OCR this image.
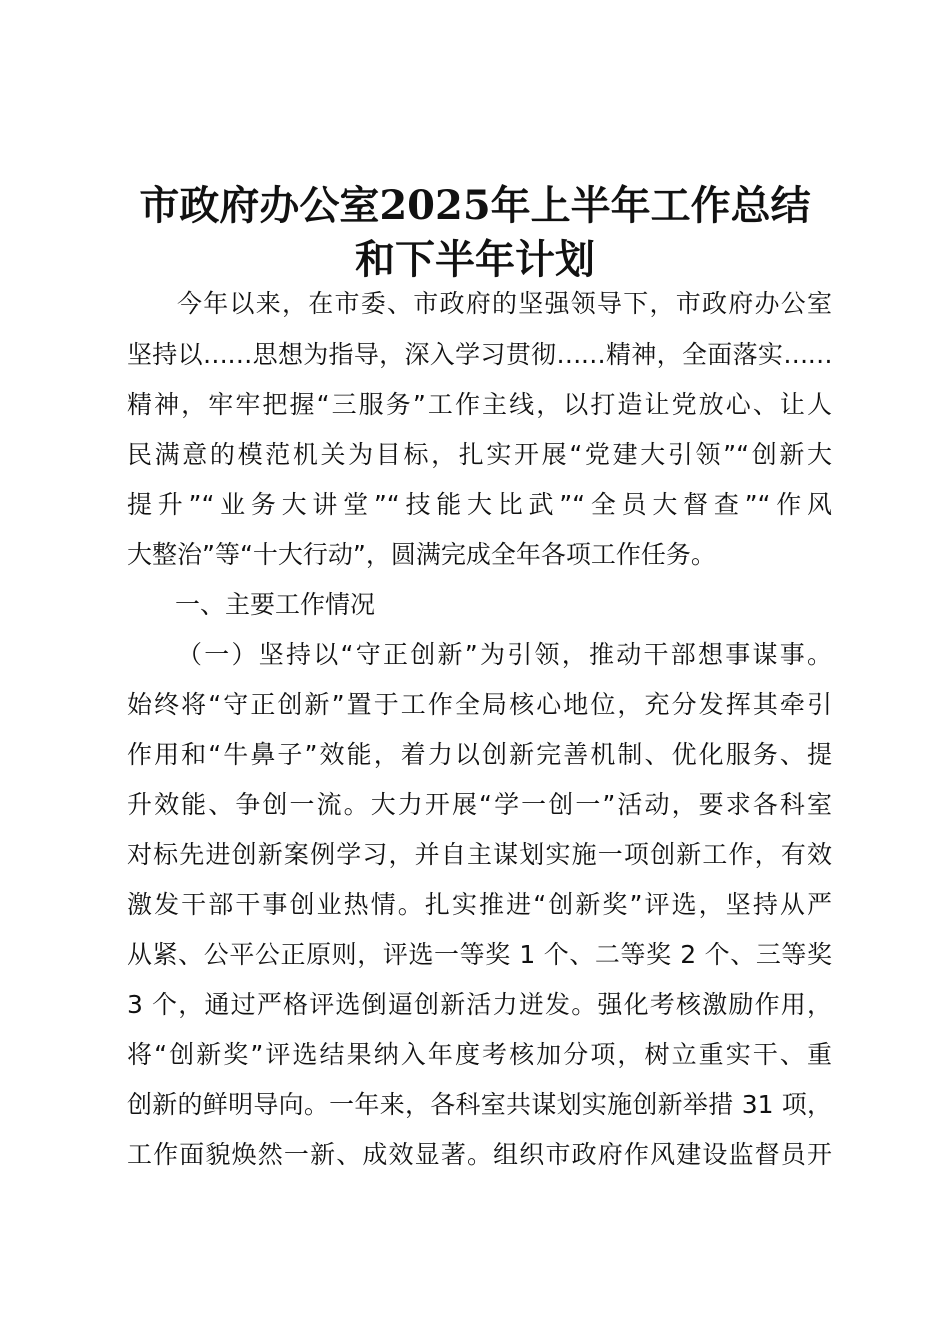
市政府办公室2025年上半年工作总结
和下半年计划
今年以来，在市委、市政府的坚强领导下，市政府办公室
坚持以……思想为指导，深入学习贯彻……精神，全面落实……
精神，牢牢把握“三服务”工作主线，以打造让党放心、让人
民满意的模范机关为目标，扎实开展“党建大引领”“创新大
提升”“业务大讲堂”“技能大比武”“全员大督查”“作风
大整治”等“十大行动”，圆满完成全年各项工作任务。
一、主要工作情况
（一）坚持以“守正创新”为引领，推动干部想事谋事。
始终将“守正创新”置于工作全局核心地位，充分发挥其牵引
作用和“牛鼻子”效能，着力以创新完善机制、优化服务、提
升效能、争创一流。大力开展“学一创一”活动，要求各科室
对标先进创新案例学习，并自主谋划实施一项创新工作，有效
激发干部干事创业热情。扎实推进“创新奖”评选，坚持从严
从紧、公平公正原则，评选一等奖 1 个、二等奖 2 个、三等奖
3 个，通过严格评选倒逼创新活力迸发。强化考核激励作用，
将“创新奖”评选结果纳入年度考核加分项，树立重实干、重
创新的鲜明导向。一年来，各科室共谋划实施创新举措 31 项，
工作面貌焕然一新、成效显著。组织市政府作风建设监督员开
